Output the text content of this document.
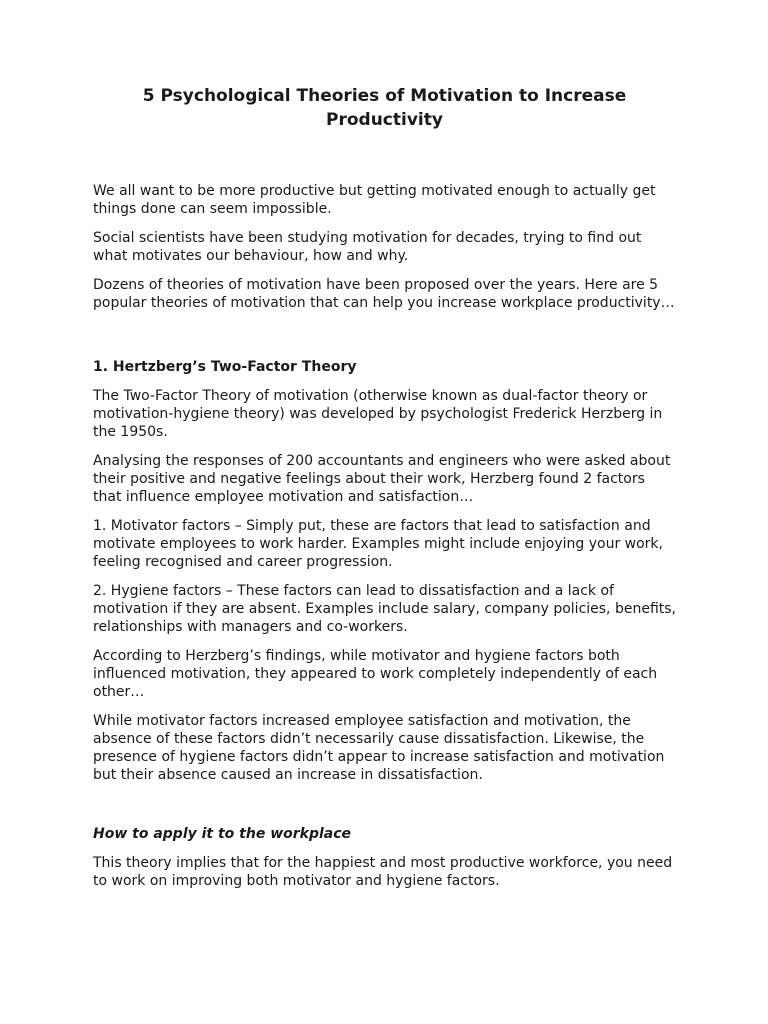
5 Psychological Theories of Motivation to Increase Productivity

We all want to be more productive but getting motivated enough to actually get things done can seem impossible.

Social scientists have been studying motivation for decades, trying to find out what motivates our behaviour, how and why.

Dozens of theories of motivation have been proposed over the years. Here are 5 popular theories of motivation that can help you increase workplace productivity…

1. Hertzberg’s Two-Factor Theory

The Two-Factor Theory of motivation (otherwise known as dual-factor theory or motivation-hygiene theory) was developed by psychologist Frederick Herzberg in the 1950s.

Analysing the responses of 200 accountants and engineers who were asked about their positive and negative feelings about their work, Herzberg found 2 factors that influence employee motivation and satisfaction…

1. Motivator factors – Simply put, these are factors that lead to satisfaction and motivate employees to work harder. Examples might include enjoying your work, feeling recognised and career progression.

2. Hygiene factors – These factors can lead to dissatisfaction and a lack of motivation if they are absent. Examples include salary, company policies, benefits, relationships with managers and co-workers.

According to Herzberg’s findings, while motivator and hygiene factors both influenced motivation, they appeared to work completely independently of each other…

While motivator factors increased employee satisfaction and motivation, the absence of these factors didn’t necessarily cause dissatisfaction. Likewise, the presence of hygiene factors didn’t appear to increase satisfaction and motivation but their absence caused an increase in dissatisfaction.

How to apply it to the workplace

This theory implies that for the happiest and most productive workforce, you need to work on improving both motivator and hygiene factors.
